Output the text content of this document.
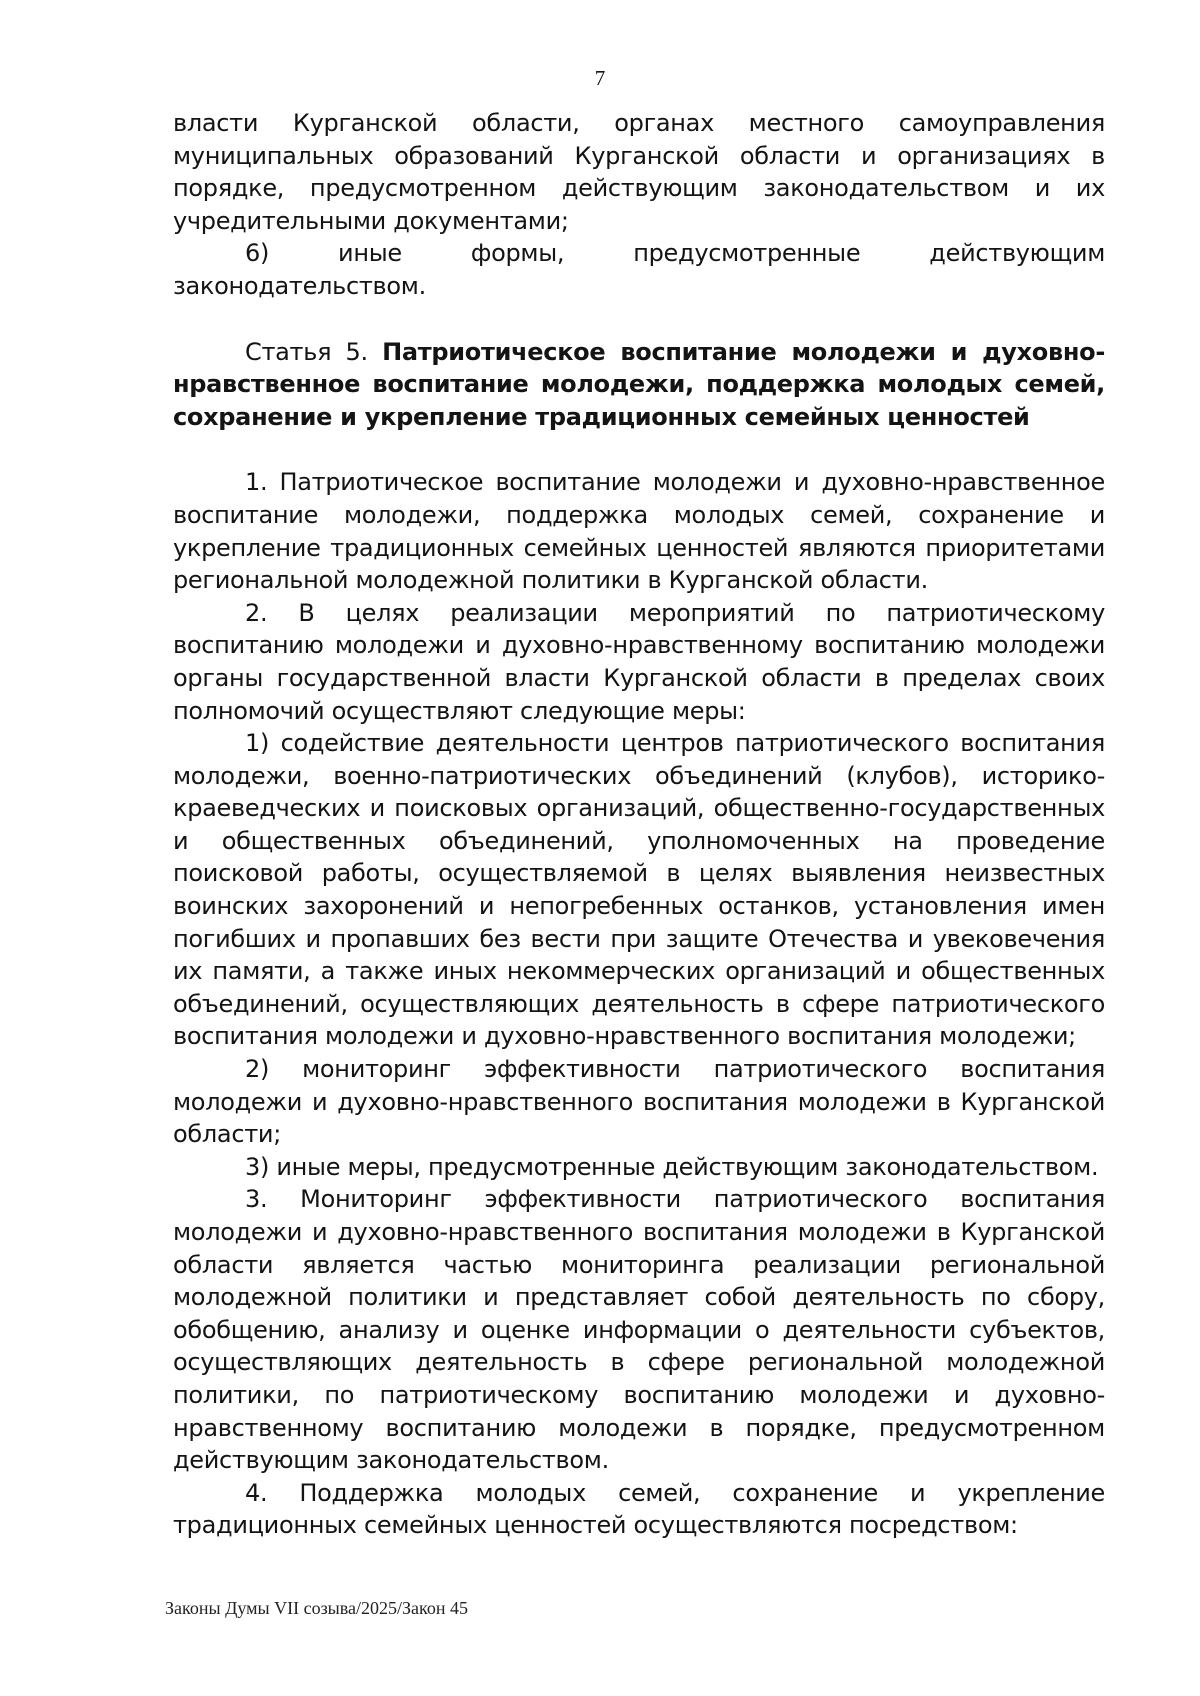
7

власти Курганской области, органах местного самоуправления муниципальных образований Курганской области и организациях в порядке, предусмотренном действующим законодательством и их учредительными документами;

6) иные формы, предусмотренные действующим законодательством.

Статья 5. Патриотическое воспитание молодежи и духовно-нравственное воспитание молодежи, поддержка молодых семей, сохранение и укрепление традиционных семейных ценностей

1. Патриотическое воспитание молодежи и духовно-нравственное воспитание молодежи, поддержка молодых семей, сохранение и укрепление традиционных семейных ценностей являются приоритетами региональной молодежной политики в Курганской области.

2. В целях реализации мероприятий по патриотическому воспитанию молодежи и духовно-нравственному воспитанию молодежи органы государственной власти Курганской области в пределах своих полномочий осуществляют следующие меры:

1) содействие деятельности центров патриотического воспитания молодежи, военно-патриотических объединений (клубов), историко-краеведческих и поисковых организаций, общественно-государственных и общественных объединений, уполномоченных на проведение поисковой работы, осуществляемой в целях выявления неизвестных воинских захоронений и непогребенных останков, установления имен погибших и пропавших без вести при защите Отечества и увековечения их памяти, а также иных некоммерческих организаций и общественных объединений, осуществляющих деятельность в сфере патриотического воспитания молодежи и духовно-нравственного воспитания молодежи;

2) мониторинг эффективности патриотического воспитания молодежи и духовно-нравственного воспитания молодежи в Курганской области;

3) иные меры, предусмотренные действующим законодательством.

3. Мониторинг эффективности патриотического воспитания молодежи и духовно-нравственного воспитания молодежи в Курганской области является частью мониторинга реализации региональной молодежной политики и представляет собой деятельность по сбору, обобщению, анализу и оценке информации о деятельности субъектов, осуществляющих деятельность в сфере региональной молодежной политики, по патриотическому воспитанию молодежи и духовно-нравственному воспитанию молодежи в порядке, предусмотренном действующим законодательством.

4. Поддержка молодых семей, сохранение и укрепление традиционных семейных ценностей осуществляются посредством:

Законы Думы VII созыва/2025/Закон 45
